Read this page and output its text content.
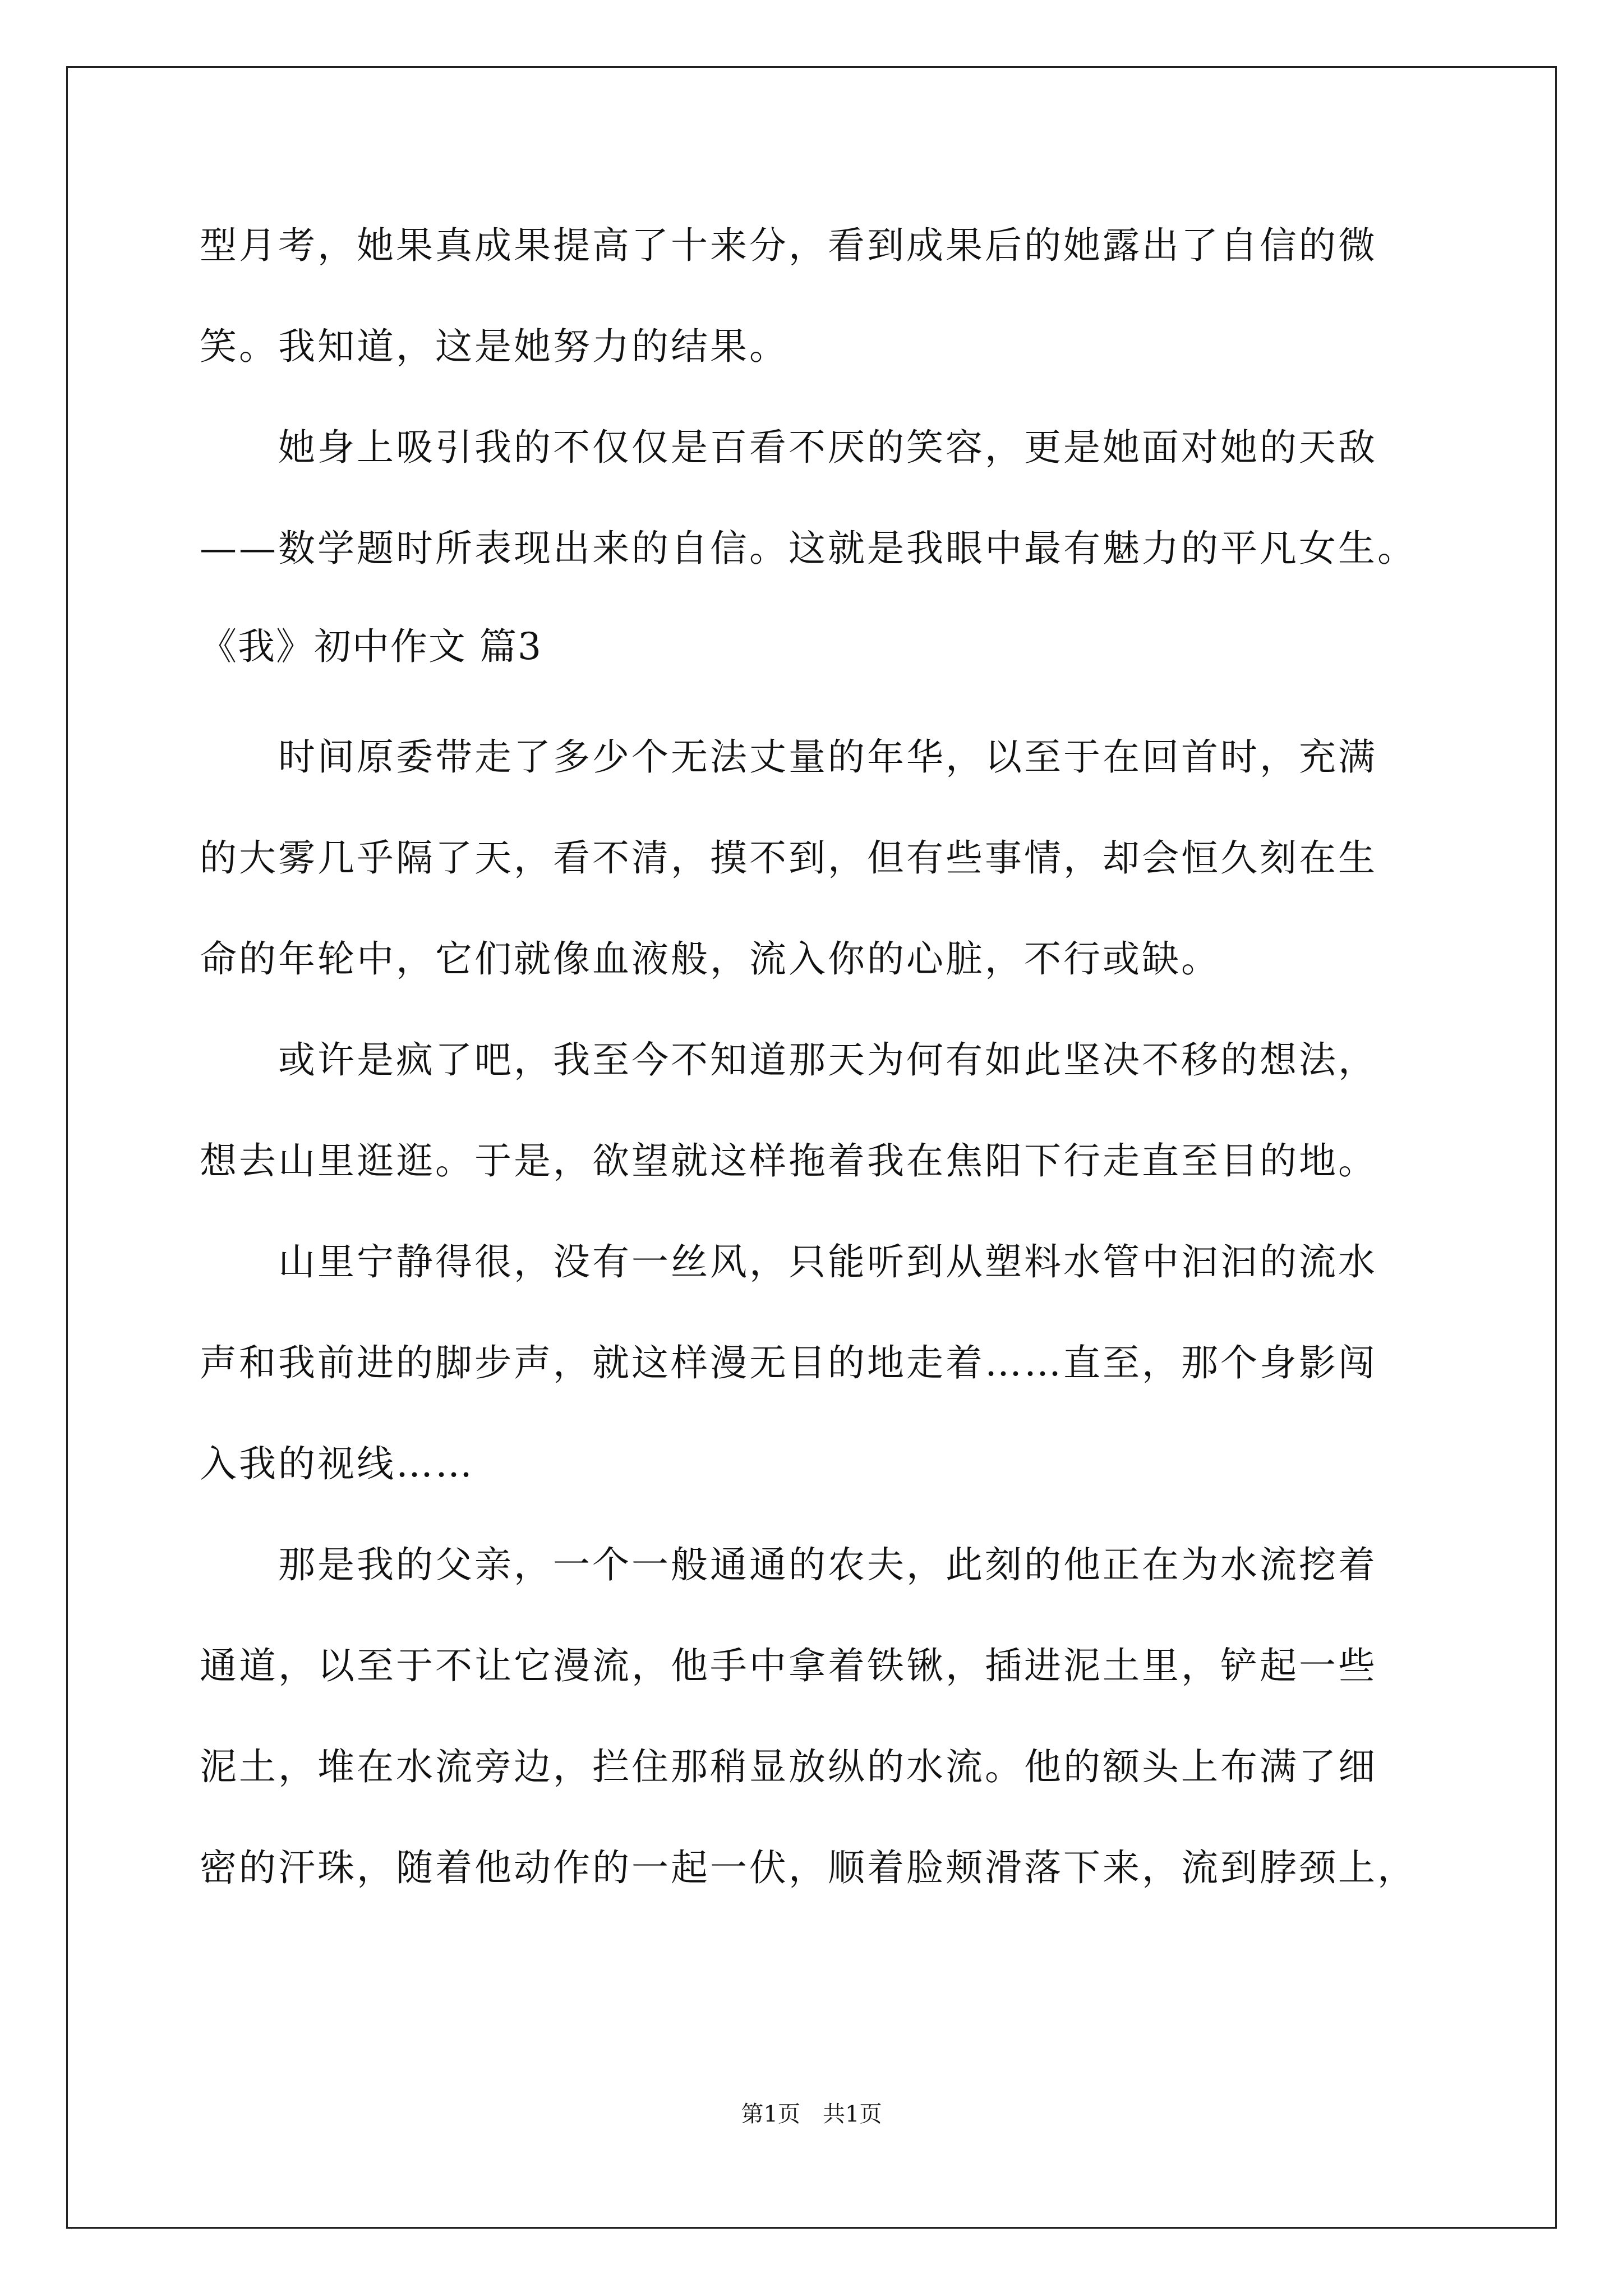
型月考，她果真成果提高了十来分，看到成果后的她露出了自信的微
笑。我知道，这是她努力的结果。
　　她身上吸引我的不仅仅是百看不厌的笑容，更是她面对她的天敌
——数学题时所表现出来的自信。这就是我眼中最有魅力的平凡女生。
《我》初中作文 篇3
　　时间原委带走了多少个无法丈量的年华，以至于在回首时，充满
的大雾几乎隔了天，看不清，摸不到，但有些事情，却会恒久刻在生
命的年轮中，它们就像血液般，流入你的心脏，不行或缺。
　　或许是疯了吧，我至今不知道那天为何有如此坚决不移的想法，
想去山里逛逛。于是，欲望就这样拖着我在焦阳下行走直至目的地。
　　山里宁静得很，没有一丝风，只能听到从塑料水管中汩汩的流水
声和我前进的脚步声，就这样漫无目的地走着……直至，那个身影闯
入我的视线……
　　那是我的父亲，一个一般通通的农夫，此刻的他正在为水流挖着
通道，以至于不让它漫流，他手中拿着铁锹，插进泥土里，铲起一些
泥土，堆在水流旁边，拦住那稍显放纵的水流。他的额头上布满了细
密的汗珠，随着他动作的一起一伏，顺着脸颊滑落下来，流到脖颈上，
第1页　共1页
